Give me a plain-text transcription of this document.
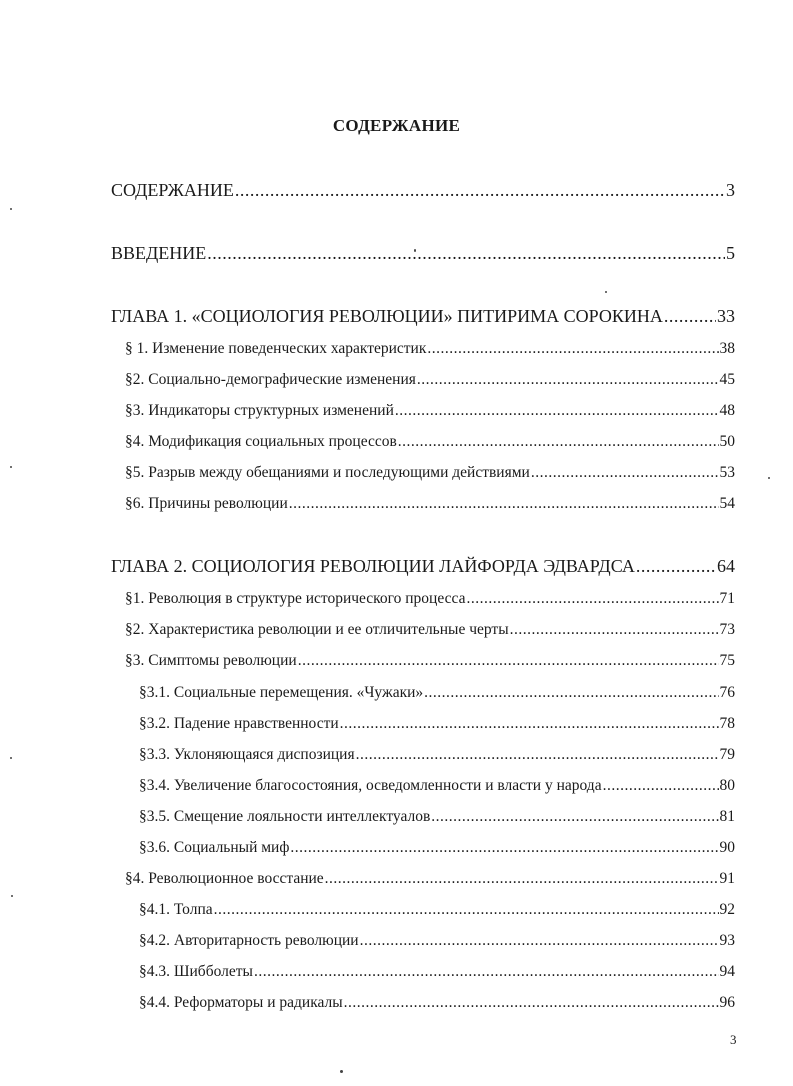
СОДЕРЖАНИЕ
СОДЕРЖАНИЕ .....	3
ВВЕДЕНИЕ .....	5
ГЛАВА 1. «СОЦИОЛОГИЯ РЕВОЛЮЦИИ» ПИТИРИМА СОРОКИНА .....	33
§ 1. Изменение поведенческих характеристик .....	38
§2. Социально-демографические изменения .....	45
§3. Индикаторы структурных изменений .....	48
§4. Модификация социальных процессов .....	50
§5. Разрыв между обещаниями и последующими действиями .....	53
§6. Причины революции .....	54
ГЛАВА 2. СОЦИОЛОГИЯ РЕВОЛЮЦИИ ЛАЙФОРДА ЭДВАРДСА .....	64
§1. Революция в структуре исторического процесса .....	71
§2. Характеристика революции и ее отличительные черты .....	73
§3. Симптомы революции .....	75
§3.1. Социальные перемещения. «Чужаки» .....	76
§3.2. Падение нравственности .....	78
§3.3. Уклоняющаяся диспозиция .....	79
§3.4. Увеличение благосостояния, осведомленности и власти у народа .....	80
§3.5. Смещение лояльности интеллектуалов .....	81
§3.6. Социальный миф .....	90
§4. Революционное восстание .....	91
§4.1. Толпа .....	92
§4.2. Авторитарность революции .....	93
§4.3. Шибболеты .....	94
§4.4. Реформаторы и радикалы .....	96
3
